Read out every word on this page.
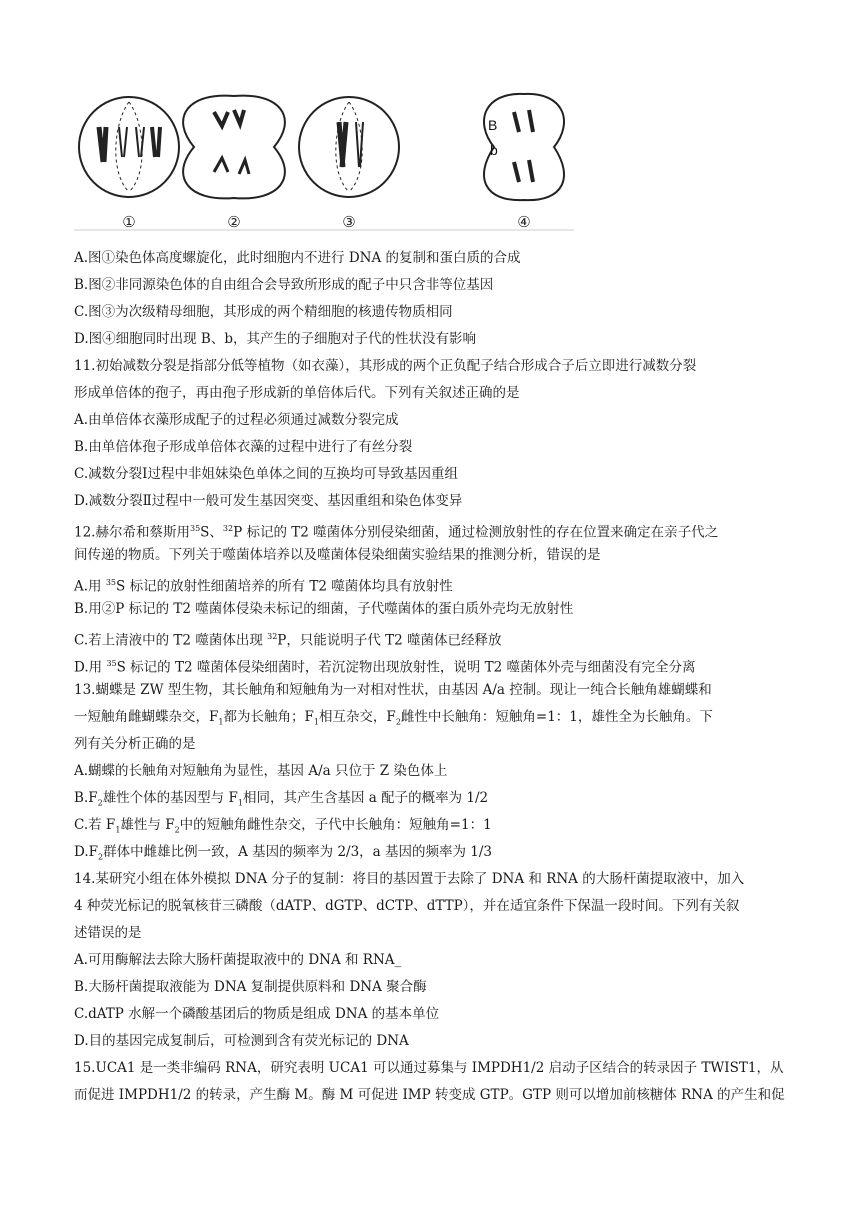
B
b
①	②	③	④
A.图①染色体高度螺旋化，此时细胞内不进行 DNA 的复制和蛋白质的合成
B.图②非同源染色体的自由组合会导致所形成的配子中只含非等位基因
C.图③为次级精母细胞，其形成的两个精细胞的核遗传物质相同
D.图④细胞同时出现 B、b，其产生的子细胞对子代的性状没有影响
11.初始减数分裂是指部分低等植物（如衣藻），其形成的两个正负配子结合形成合子后立即进行减数分裂
形成单倍体的孢子，再由孢子形成新的单倍体后代。下列有关叙述正确的是
A.由单倍体衣藻形成配子的过程必须通过减数分裂完成
B.由单倍体孢子形成单倍体衣藻的过程中进行了有丝分裂
C.减数分裂Ⅰ过程中非姐妹染色单体之间的互换均可导致基因重组
D.减数分裂Ⅱ过程中一般可发生基因突变、基因重组和染色体变异
12.赫尔希和蔡斯用$^{35}$S、$^{32}$P 标记的 T2 噬菌体分别侵染细菌，通过检测放射性的存在位置来确定在亲子代之
间传递的物质。下列关于噬菌体培养以及噬菌体侵染细菌实验结果的推测分析，错误的是
A.用 $^{35}$S 标记的放射性细菌培养的所有 T2 噬菌体均具有放射性
B.用②P 标记的 T2 噬菌体侵染未标记的细菌，子代噬菌体的蛋白质外壳均无放射性
C.若上清液中的 T2 噬菌体出现 $^{32}$P，只能说明子代 T2 噬菌体已经释放
D.用 $^{35}$S 标记的 T2 噬菌体侵染细菌时，若沉淀物出现放射性，说明 T2 噬菌体外壳与细菌没有完全分离
13.蝴蝶是 ZW 型生物，其长触角和短触角为一对相对性状，由基因 A/a 控制。现让一纯合长触角雄蝴蝶和
一短触角雌蝴蝶杂交，$F_1$都为长触角；$F_1$相互杂交，$F_2$雌性中长触角：短触角=1：1，雄性全为长触角。下
列有关分析正确的是
A.蝴蝶的长触角对短触角为显性，基因 A/a 只位于 Z 染色体上
$B.F_2$雄性个体的基因型与 $F_1$相同，其产生含基因 a 配子的概率为 1/2
C.若 $F_1$雄性与 $F_2$中的短触角雌性杂交，子代中长触角：短触角=1：1
$D.F_2$群体中雌雄比例一致，A 基因的频率为 2/3，a 基因的频率为 1/3
14.某研究小组在体外模拟 DNA 分子的复制：将目的基因置于去除了 DNA 和 RNA 的大肠杆菌提取液中，加入
4 种荧光标记的脱氧核苷三磷酸（dATP、dGTP、dCTP、dTTP），并在适宜条件下保温一段时间。下列有关叙
述错误的是
A.可用酶解法去除大肠杆菌提取液中的 DNA 和 RNA_
B.大肠杆菌提取液能为 DNA 复制提供原料和 DNA 聚合酶
C.dATP 水解一个磷酸基团后的物质是组成 DNA 的基本单位
D.目的基因完成复制后，可检测到含有荧光标记的 DNA
15.UCA1 是一类非编码 RNA，研究表明 UCA1 可以通过募集与 IMPDH1/2 启动子区结合的转录因子 TWIST1，从
而促进 IMPDH1/2 的转录，产生酶 M。酶 M 可促进 IMP 转变成 GTP。GTP 则可以增加前核糖体 RNA 的产生和促
